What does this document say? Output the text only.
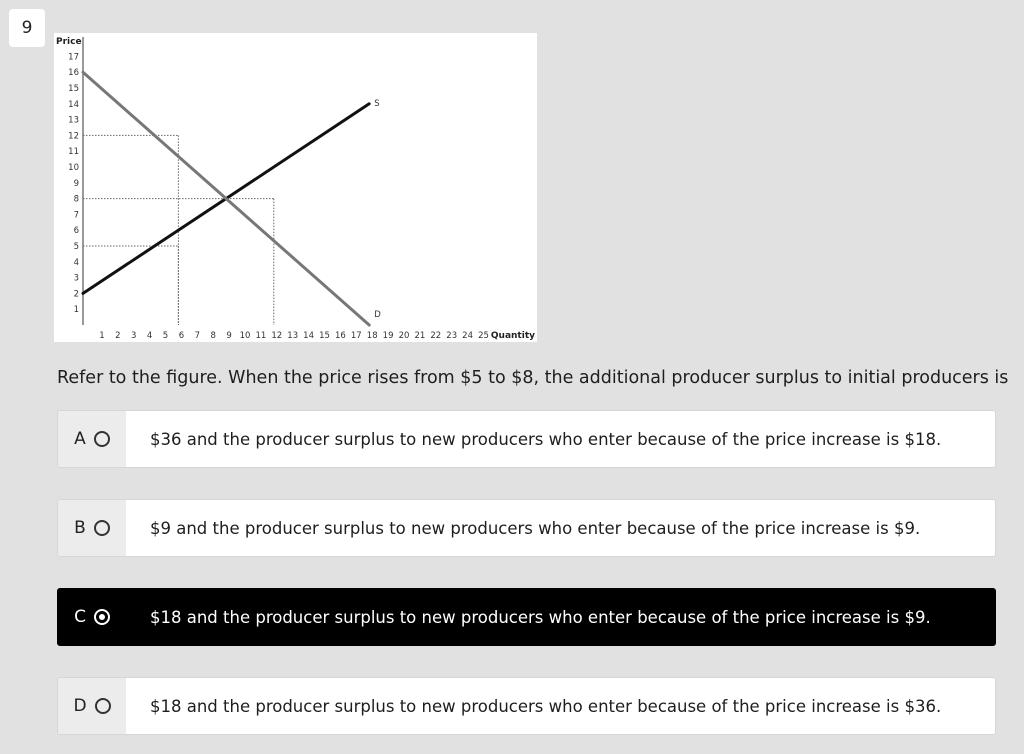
9
1
2
3
4
5
6
7
8
9
10
11
12
13
14
15
16
17
1 2 3 4 5 6 7 8 9 10 11 12 13 14 15 16 17 18 19 20 21 22 23 24 25
Price
Quantity
S
D
Refer to the figure. When the price rises from $5 to $8, the additional producer surplus to initial producers is
A	$36 and the producer surplus to new producers who enter because of the price increase is $18.
B	$9 and the producer surplus to new producers who enter because of the price increase is $9.
C	$18 and the producer surplus to new producers who enter because of the price increase is $9.
D	$18 and the producer surplus to new producers who enter because of the price increase is $36.
